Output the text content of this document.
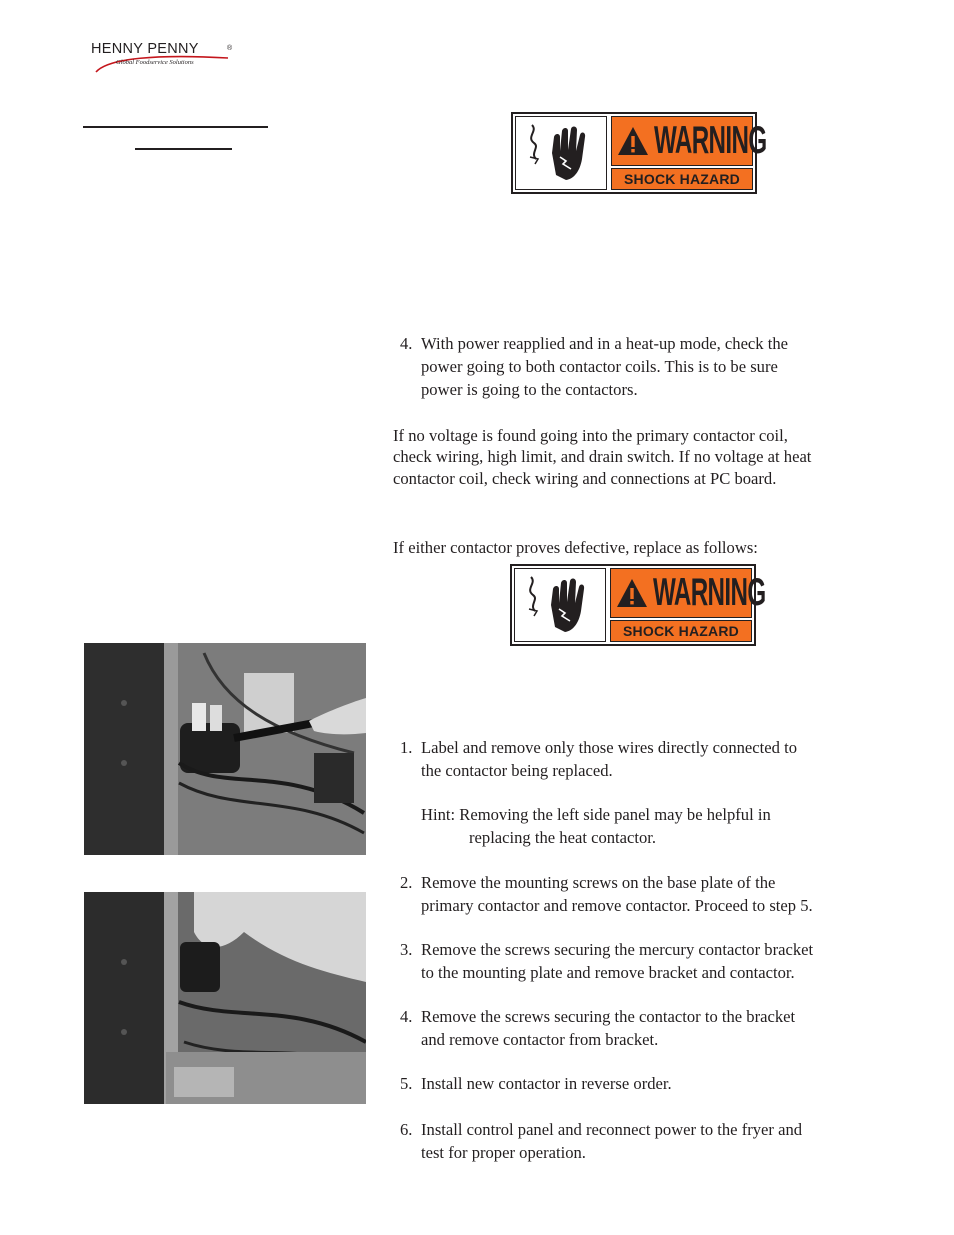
HENNY PENNY	®
Global Foodservice Solutions
WARNING
SHOCK HAZARD
4. With power reapplied and in a heat-up mode, check the
power going to both contactor coils. This is to be sure
power is going to the contactors.
If no voltage is found going into the primary contactor coil,
check wiring, high limit, and drain switch. If no voltage at heat
contactor coil, check wiring and connections at PC board.
If either contactor proves defective, replace as follows:
WARNING
SHOCK HAZARD
1. Label and remove only those wires directly connected to
the contactor being replaced.
Hint: Removing the left side panel may be helpful in
replacing the heat contactor.
2. Remove the mounting screws on the base plate of the
primary contactor and remove contactor. Proceed to step 5.
3. Remove the screws securing the mercury contactor bracket
to the mounting plate and remove bracket and contactor.
4. Remove the screws securing the contactor to the bracket
and remove contactor from bracket.
5. Install new contactor in reverse order.
6. Install control panel and reconnect power to the fryer and
test for proper operation.
